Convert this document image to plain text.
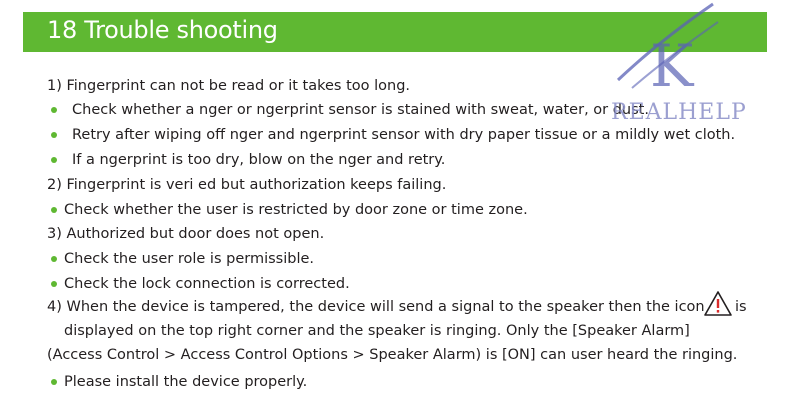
18 Trouble shooting
1) Fingerprint can not be read or it takes too long.
Check whether a nger or ngerprint sensor is stained with sweat, water, or dust.
Retry after wiping off nger and ngerprint sensor with dry paper tissue or a mildly wet cloth.
If a ngerprint is too dry, blow on the nger and retry.
2) Fingerprint is veri ed but authorization keeps failing.
Check whether the user is restricted by door zone or time zone.
3) Authorized but door does not open.
Check the user role is permissible.
Check the lock connection is corrected.
4) When the device is tampered, the device will send a signal to the speaker then the icon is
displayed on the top right corner and the speaker is ringing. Only the [Speaker Alarm]
(Access Control > Access Control Options > Speaker Alarm) is [ON] can user heard the ringing.
Please install the device properly.
K
REALHELP
